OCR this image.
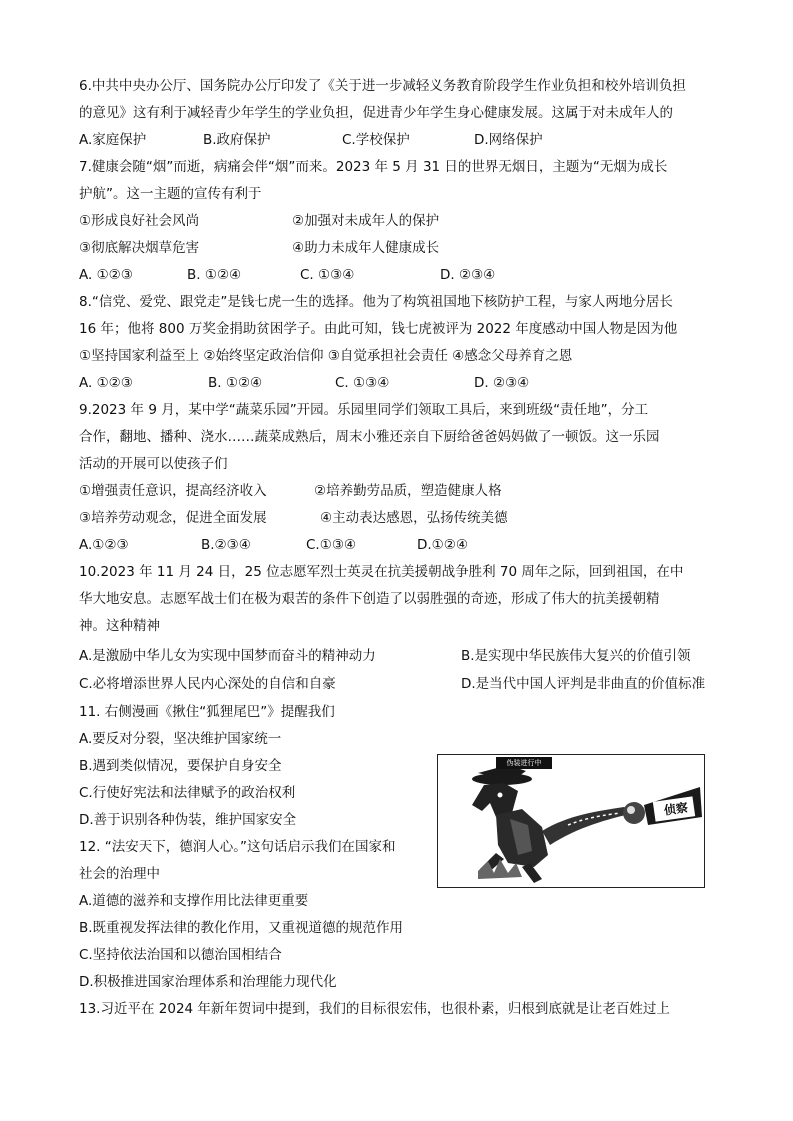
6.中共中央办公厅、国务院办公厅印发了《关于进一步减轻义务教育阶段学生作业负担和校外培训负担
的意见》这有利于减轻青少年学生的学业负担，促进青少年学生身心健康发展。这属于对未成年人的
A.家庭保护	B.政府保护	C.学校保护	D.网络保护
7.健康会随“烟”而逝，病痛会伴“烟”而来。2023 年 5 月 31 日的世界无烟日，主题为“无烟为成长
护航”。这一主题的宣传有利于
①形成良好社会风尚	②加强对未成年人的保护
③彻底解决烟草危害	④助力未成年人健康成长
A. ①②③	B. ①②④	C. ①③④	D. ②③④
8.“信党、爱党、跟党走”是钱七虎一生的选择。他为了构筑祖国地下核防护工程，与家人两地分居长
16 年；他将 800 万奖金捐助贫困学子。由此可知，钱七虎被评为 2022 年度感动中国人物是因为他
①坚持国家利益至上 ②始终坚定政治信仰 ③自觉承担社会责任 ④感念父母养育之恩
A. ①②③	B. ①②④	C. ①③④	D. ②③④
9.2023 年 9 月，某中学“蔬菜乐园”开园。乐园里同学们领取工具后，来到班级“责任地”，分工
合作，翻地、播种、浇水……蔬菜成熟后，周末小雅还亲自下厨给爸爸妈妈做了一顿饭。这一乐园
活动的开展可以使孩子们
①增强责任意识，提高经济收入	②培养勤劳品质，塑造健康人格
③培养劳动观念，促进全面发展	④主动表达感恩，弘扬传统美德
A.①②③	B.②③④	C.①③④	D.①②④
10.2023 年 11 月 24 日，25 位志愿军烈士英灵在抗美援朝战争胜利 70 周年之际，回到祖国，在中
华大地安息。志愿军战士们在极为艰苦的条件下创造了以弱胜强的奇迹，形成了伟大的抗美援朝精
神。这种精神
A.是激励中华儿女为实现中国梦而奋斗的精神动力	B.是实现中华民族伟大复兴的价值引领
C.必将增添世界人民内心深处的自信和自豪	D.是当代中国人评判是非曲直的价值标准
11. 右侧漫画《揪住“狐狸尾巴”》提醒我们
A.要反对分裂，坚决维护国家统一
B.遇到类似情况，要保护自身安全
C.行使好宪法和法律赋予的政治权利
D.善于识别各种伪装，维护国家安全
伪装进行中
侦察
12. “法安天下，德润人心。”这句话启示我们在国家和
社会的治理中
A.道德的滋养和支撑作用比法律更重要
B.既重视发挥法律的教化作用，又重视道德的规范作用
C.坚持依法治国和以德治国相结合
D.积极推进国家治理体系和治理能力现代化
13.习近平在 2024 年新年贺词中提到，我们的目标很宏伟，也很朴素，归根到底就是让老百姓过上
